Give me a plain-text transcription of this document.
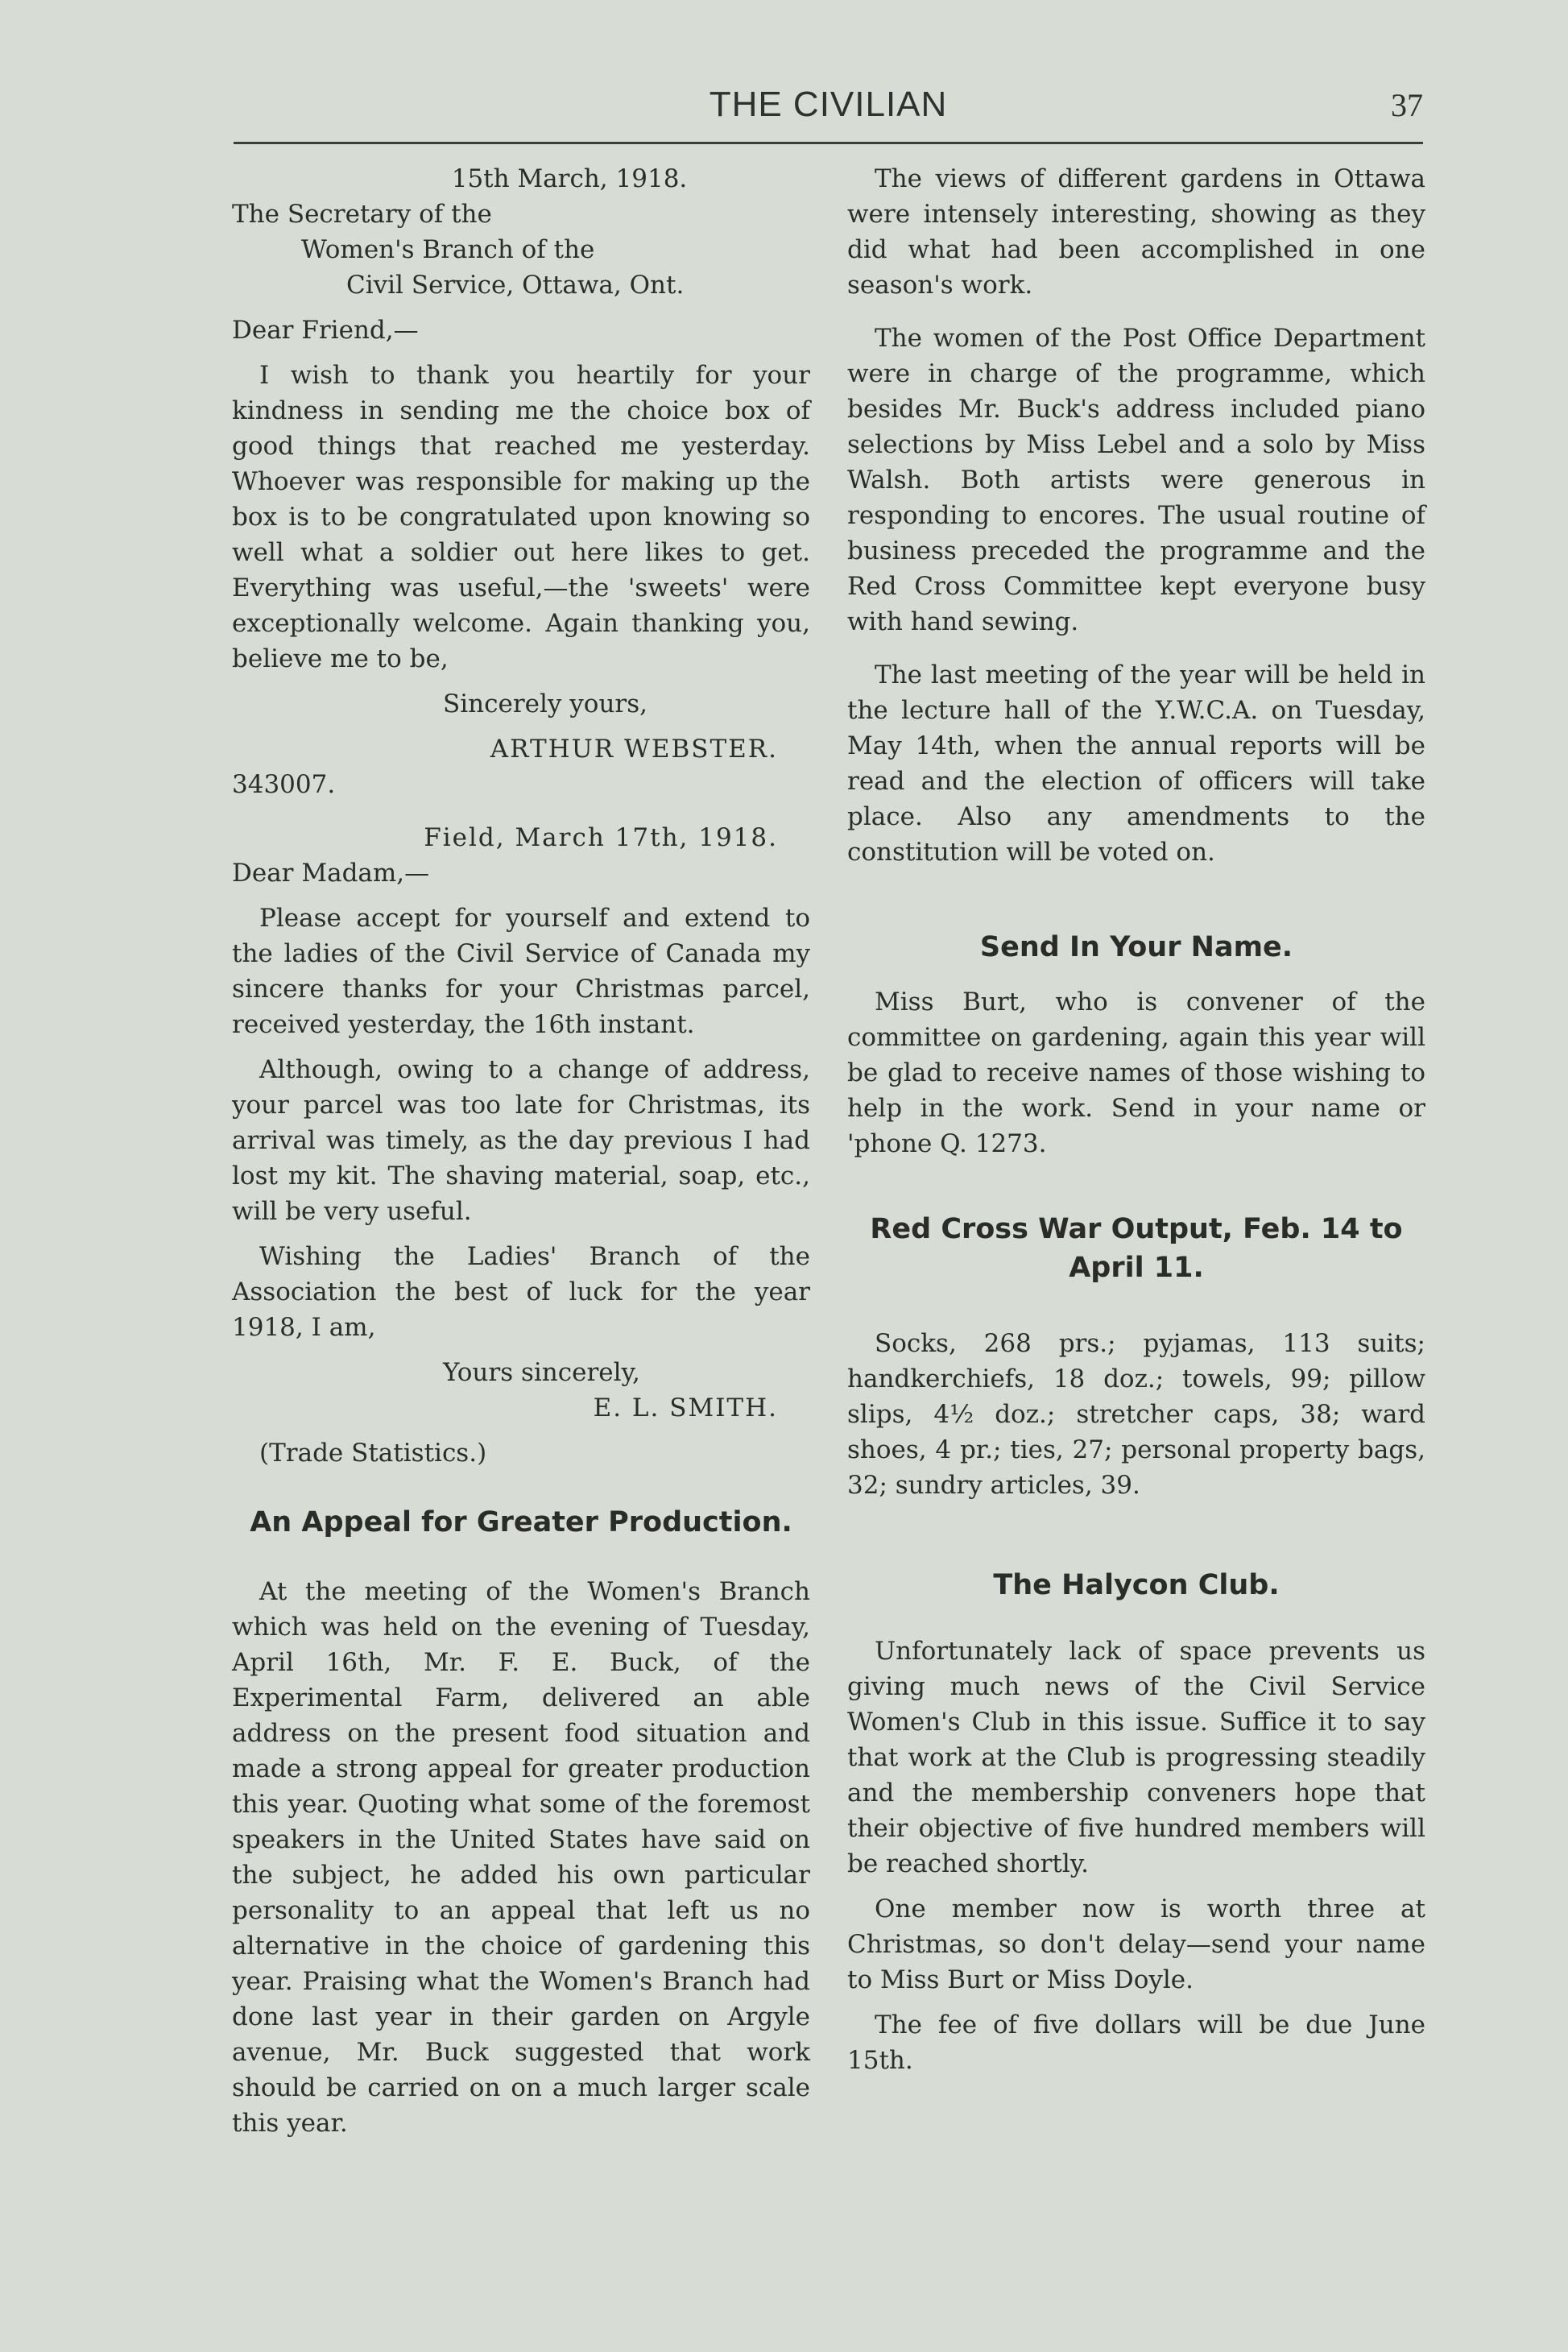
THE CIVILIAN	37

15th March, 1918.

The Secretary of the

Women's Branch of the

Civil Service, Ottawa, Ont.

Dear Friend,—

I wish to thank you heartily for your kindness in sending me the choice box of good things that reached me yesterday. Whoever was responsible for making up the box is to be congratulated upon knowing so well what a soldier out here likes to get. Everything was useful,—the 'sweets' were exceptionally welcome. Again thanking you, believe me to be,

Sincerely yours,

ARTHUR WEBSTER.

343007.

Field, March 17th, 1918.

Dear Madam,—

Please accept for yourself and extend to the ladies of the Civil Service of Canada my sincere thanks for your Christmas parcel, received yesterday, the 16th instant.

Although, owing to a change of address, your parcel was too late for Christmas, its arrival was timely, as the day previous I had lost my kit. The shaving material, soap, etc., will be very useful.

Wishing the Ladies' Branch of the Association the best of luck for the year 1918, I am,

Yours sincerely,

E. L. SMITH.

(Trade Statistics.)

An Appeal for Greater Production.

At the meeting of the Women's Branch which was held on the evening of Tuesday, April 16th, Mr. F. E. Buck, of the Experimental Farm, delivered an able address on the present food situation and made a strong appeal for greater production this year. Quoting what some of the foremost speakers in the United States have said on the subject, he added his own particular personality to an appeal that left us no alternative in the choice of gardening this year. Praising what the Women's Branch had done last year in their garden on Argyle avenue, Mr. Buck suggested that work should be carried on on a much larger scale this year.

The views of different gardens in Ottawa were intensely interesting, showing as they did what had been accomplished in one season's work.

The women of the Post Office Department were in charge of the programme, which besides Mr. Buck's address included piano selections by Miss Lebel and a solo by Miss Walsh. Both artists were generous in responding to encores. The usual routine of business preceded the programme and the Red Cross Committee kept everyone busy with hand sewing.

The last meeting of the year will be held in the lecture hall of the Y.W.C.A. on Tuesday, May 14th, when the annual reports will be read and the election of officers will take place. Also any amendments to the constitution will be voted on.

Send In Your Name.

Miss Burt, who is convener of the committee on gardening, again this year will be glad to receive names of those wishing to help in the work. Send in your name or 'phone Q. 1273.

Red Cross War Output, Feb. 14 to
April 11.

Socks, 268 prs.; pyjamas, 113 suits; handkerchiefs, 18 doz.; towels, 99; pillow slips, 4½ doz.; stretcher caps, 38; ward shoes, 4 pr.; ties, 27; personal property bags, 32; sundry articles, 39.

The Halycon Club.

Unfortunately lack of space prevents us giving much news of the Civil Service Women's Club in this issue. Suffice it to say that work at the Club is progressing steadily and the membership conveners hope that their objective of five hundred members will be reached shortly.

One member now is worth three at Christmas, so don't delay—send your name to Miss Burt or Miss Doyle.

The fee of five dollars will be due June 15th.
